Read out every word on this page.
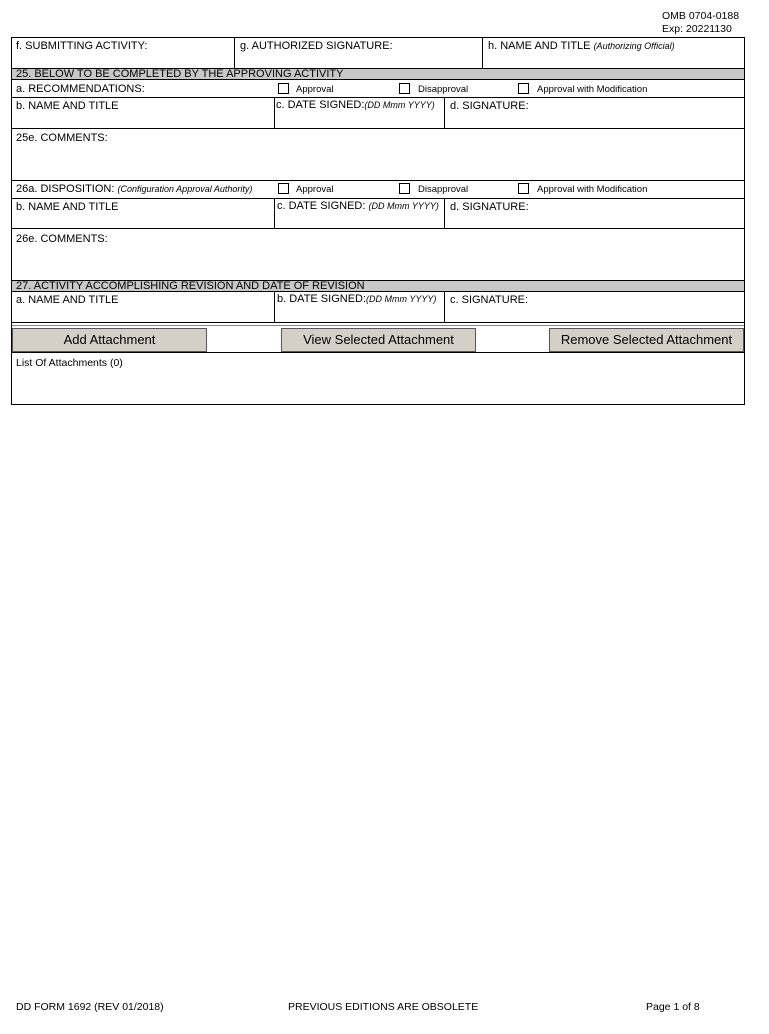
OMB 0704-0188
Exp: 20221130
f. SUBMITTING ACTIVITY:	g. AUTHORIZED SIGNATURE:	h. NAME AND TITLE (Authorizing Official)
25. BELOW TO BE COMPLETED BY THE APPROVING ACTIVITY
a. RECOMMENDATIONS:	Approval	Disapproval	Approval with Modification
b. NAME AND TITLE	c. DATE SIGNED:(DD Mmm YYYY) d. SIGNATURE:
25e. COMMENTS:
26a. DISPOSITION: (Configuration Approval Authority)	Approval	Disapproval	Approval with Modification
b. NAME AND TITLE	c. DATE SIGNED: (DD Mmm YYYY) d. SIGNATURE:
26e. COMMENTS:
27. ACTIVITY ACCOMPLISHING REVISION AND DATE OF REVISION
a. NAME AND TITLE	b. DATE SIGNED:(DD Mmm YYYY) c. SIGNATURE:
Add Attachment	View Selected Attachment	Remove Selected Attachment
List Of Attachments (0)
DD FORM 1692 (REV 01/2018)	PREVIOUS EDITIONS ARE OBSOLETE	Page 1 of 8
